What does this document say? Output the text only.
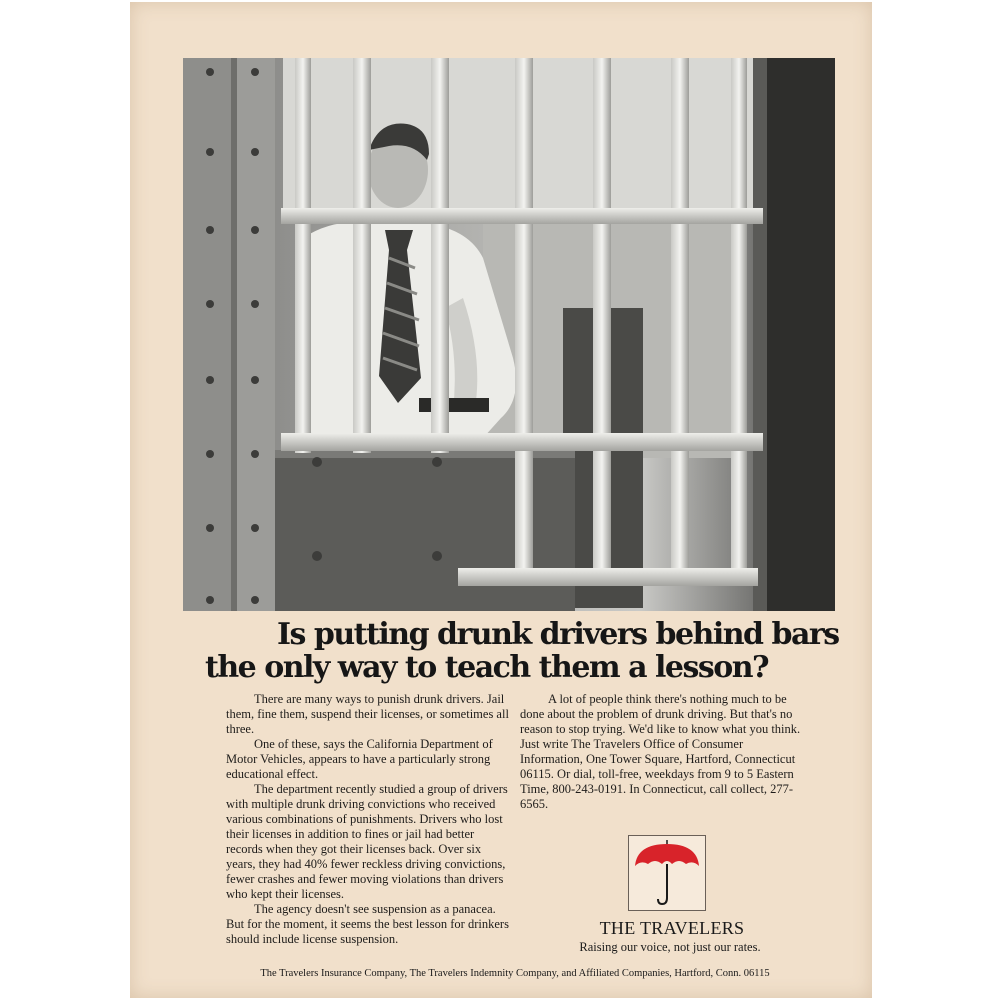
Is putting drunk drivers behind bars
the only way to teach them a lesson?

There are many ways to punish drunk drivers. Jail them, fine them, suspend their licenses, or sometimes all three.

One of these, says the California Department of Motor Vehicles, appears to have a particularly strong educational effect.

The department recently studied a group of drivers with multiple drunk driving convictions who received various combinations of punishments. Drivers who lost their licenses in addition to fines or jail had better records when they got their licenses back. Over six years, they had 40% fewer reckless driving convictions, fewer crashes and fewer moving violations than drivers who kept their licenses.

The agency doesn't see suspension as a panacea. But for the moment, it seems the best lesson for drinkers should include license suspension.

A lot of people think there's nothing much to be done about the problem of drunk driving. But that's no reason to stop trying. We'd like to know what you think. Just write The Travelers Office of Consumer Information, One Tower Square, Hartford, Connecticut 06115. Or dial, toll-free, weekdays from 9 to 5 Eastern Time, 800-243-0191. In Connecticut, call collect, 277-6565.

THE TRAVELERS
Raising our voice, not just our rates.
The Travelers Insurance Company, The Travelers Indemnity Company, and Affiliated Companies, Hartford, Conn. 06115
